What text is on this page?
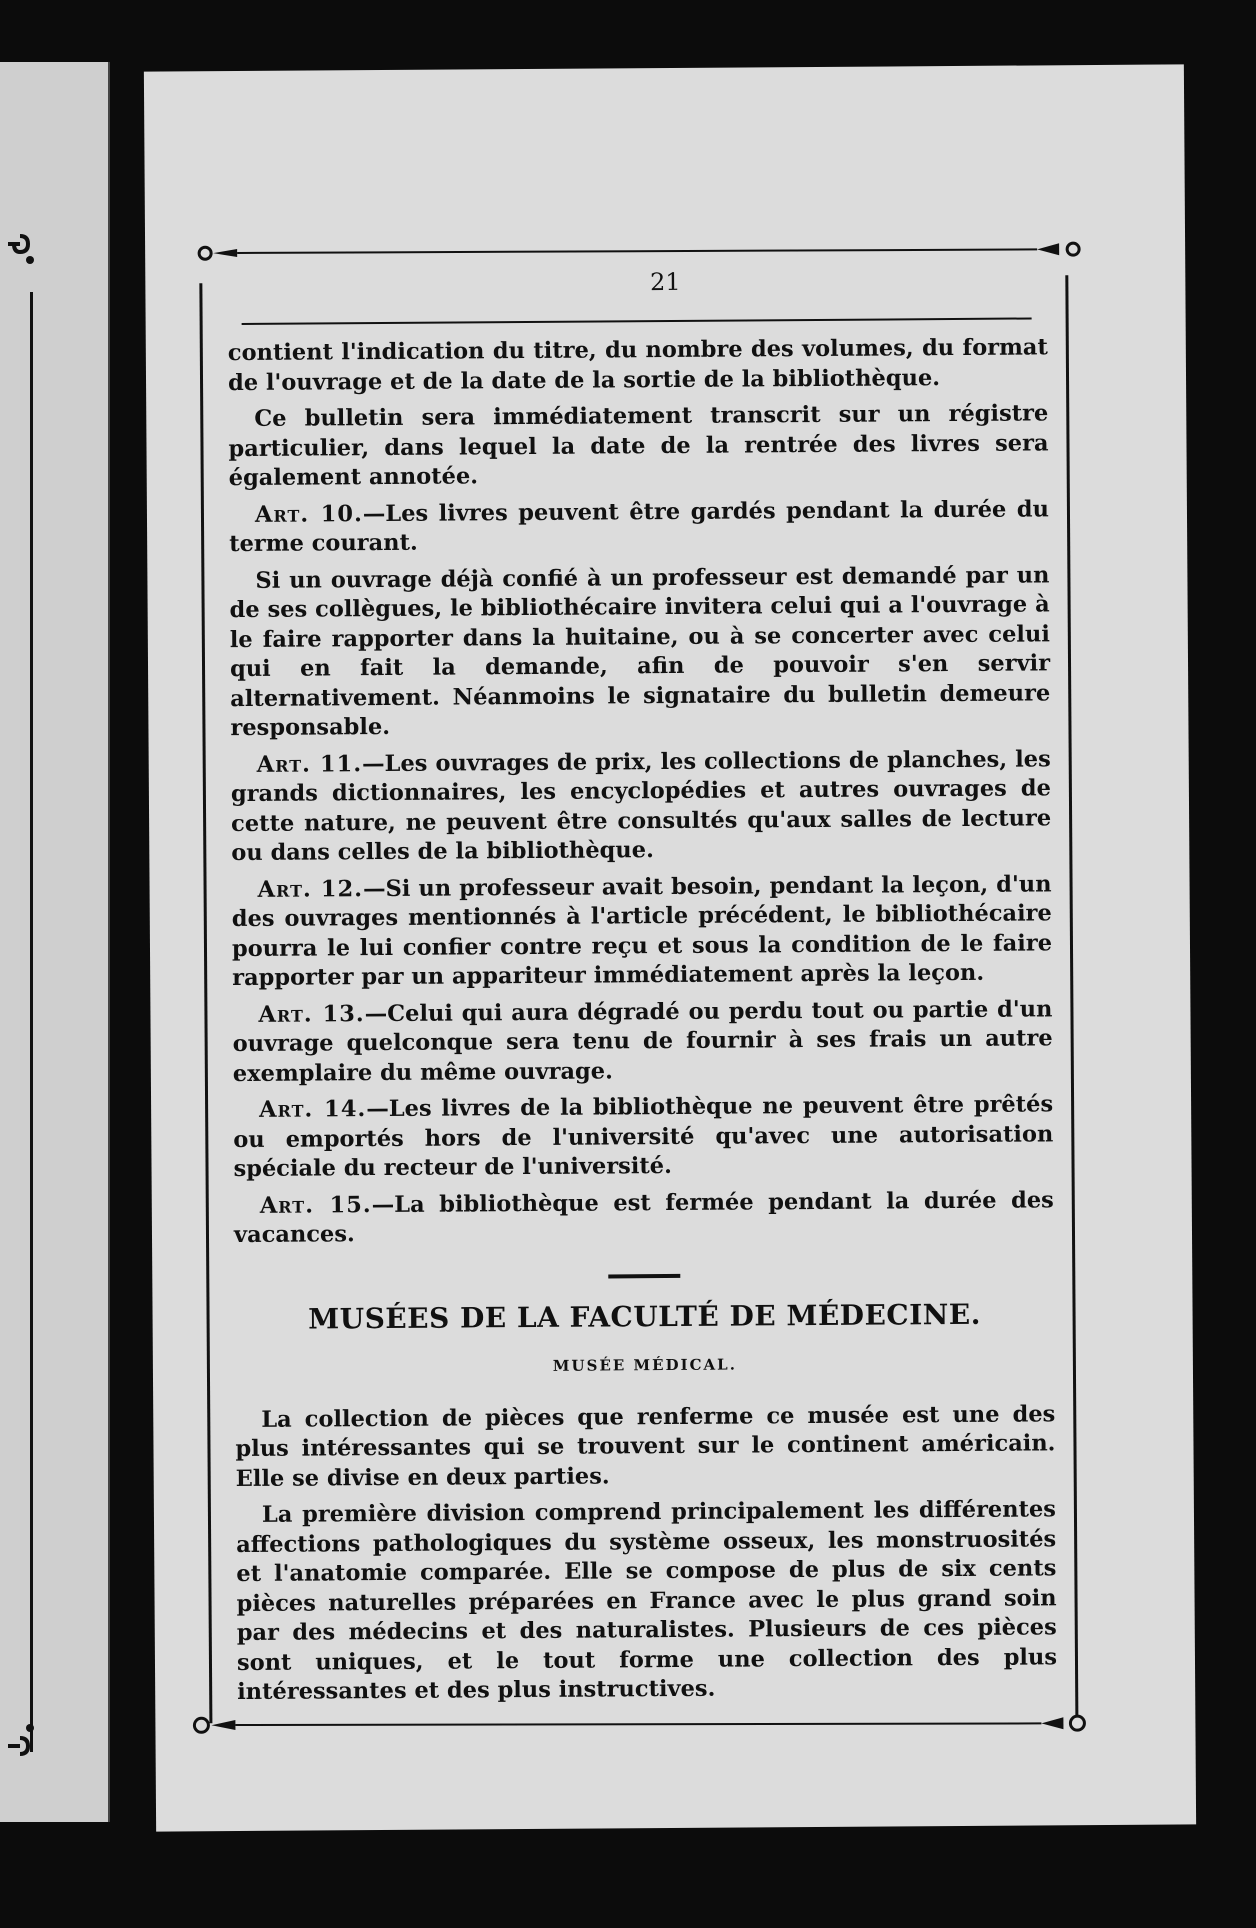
21

contient l'indication du titre, du nombre des volumes, du format de l'ouvrage et de la date de la sortie de la bibliothèque.

Ce bulletin sera immédiatement transcrit sur un régistre particulier, dans lequel la date de la rentrée des livres sera également annotée.

Art. 10.—Les livres peuvent être gardés pendant la durée du terme courant.

Si un ouvrage déjà confié à un professeur est demandé par un de ses collègues, le bibliothécaire invitera celui qui a l'ouvrage à le faire rapporter dans la huitaine, ou à se concerter avec celui qui en fait la demande, afin de pouvoir s'en servir alternativement. Néanmoins le signataire du bulletin demeure responsable.

Art. 11.—Les ouvrages de prix, les collections de planches, les grands dictionnaires, les encyclopédies et autres ouvrages de cette nature, ne peuvent être consultés qu'aux salles de lecture ou dans celles de la bibliothèque.

Art. 12.—Si un professeur avait besoin, pendant la leçon, d'un des ouvrages mentionnés à l'article précédent, le bibliothécaire pourra le lui confier contre reçu et sous la condition de le faire rapporter par un appariteur immédiatement après la leçon.

Art. 13.—Celui qui aura dégradé ou perdu tout ou partie d'un ouvrage quelconque sera tenu de fournir à ses frais un autre exemplaire du même ouvrage.

Art. 14.—Les livres de la bibliothèque ne peuvent être prêtés ou emportés hors de l'université qu'avec une autorisation spéciale du recteur de l'université.

Art. 15.—La bibliothèque est fermée pendant la durée des vacances.

MUSÉES DE LA FACULTÉ DE MÉDECINE.
MUSÉE MÉDICAL.

La collection de pièces que renferme ce musée est une des plus intéressantes qui se trouvent sur le continent américain. Elle se divise en deux parties.

La première division comprend principalement les différentes affections pathologiques du système osseux, les monstruosités et l'anatomie comparée. Elle se compose de plus de six cents pièces naturelles préparées en France avec le plus grand soin par des médecins et des naturalistes. Plusieurs de ces pièces sont uniques, et le tout forme une collection des plus intéressantes et des plus instructives.
